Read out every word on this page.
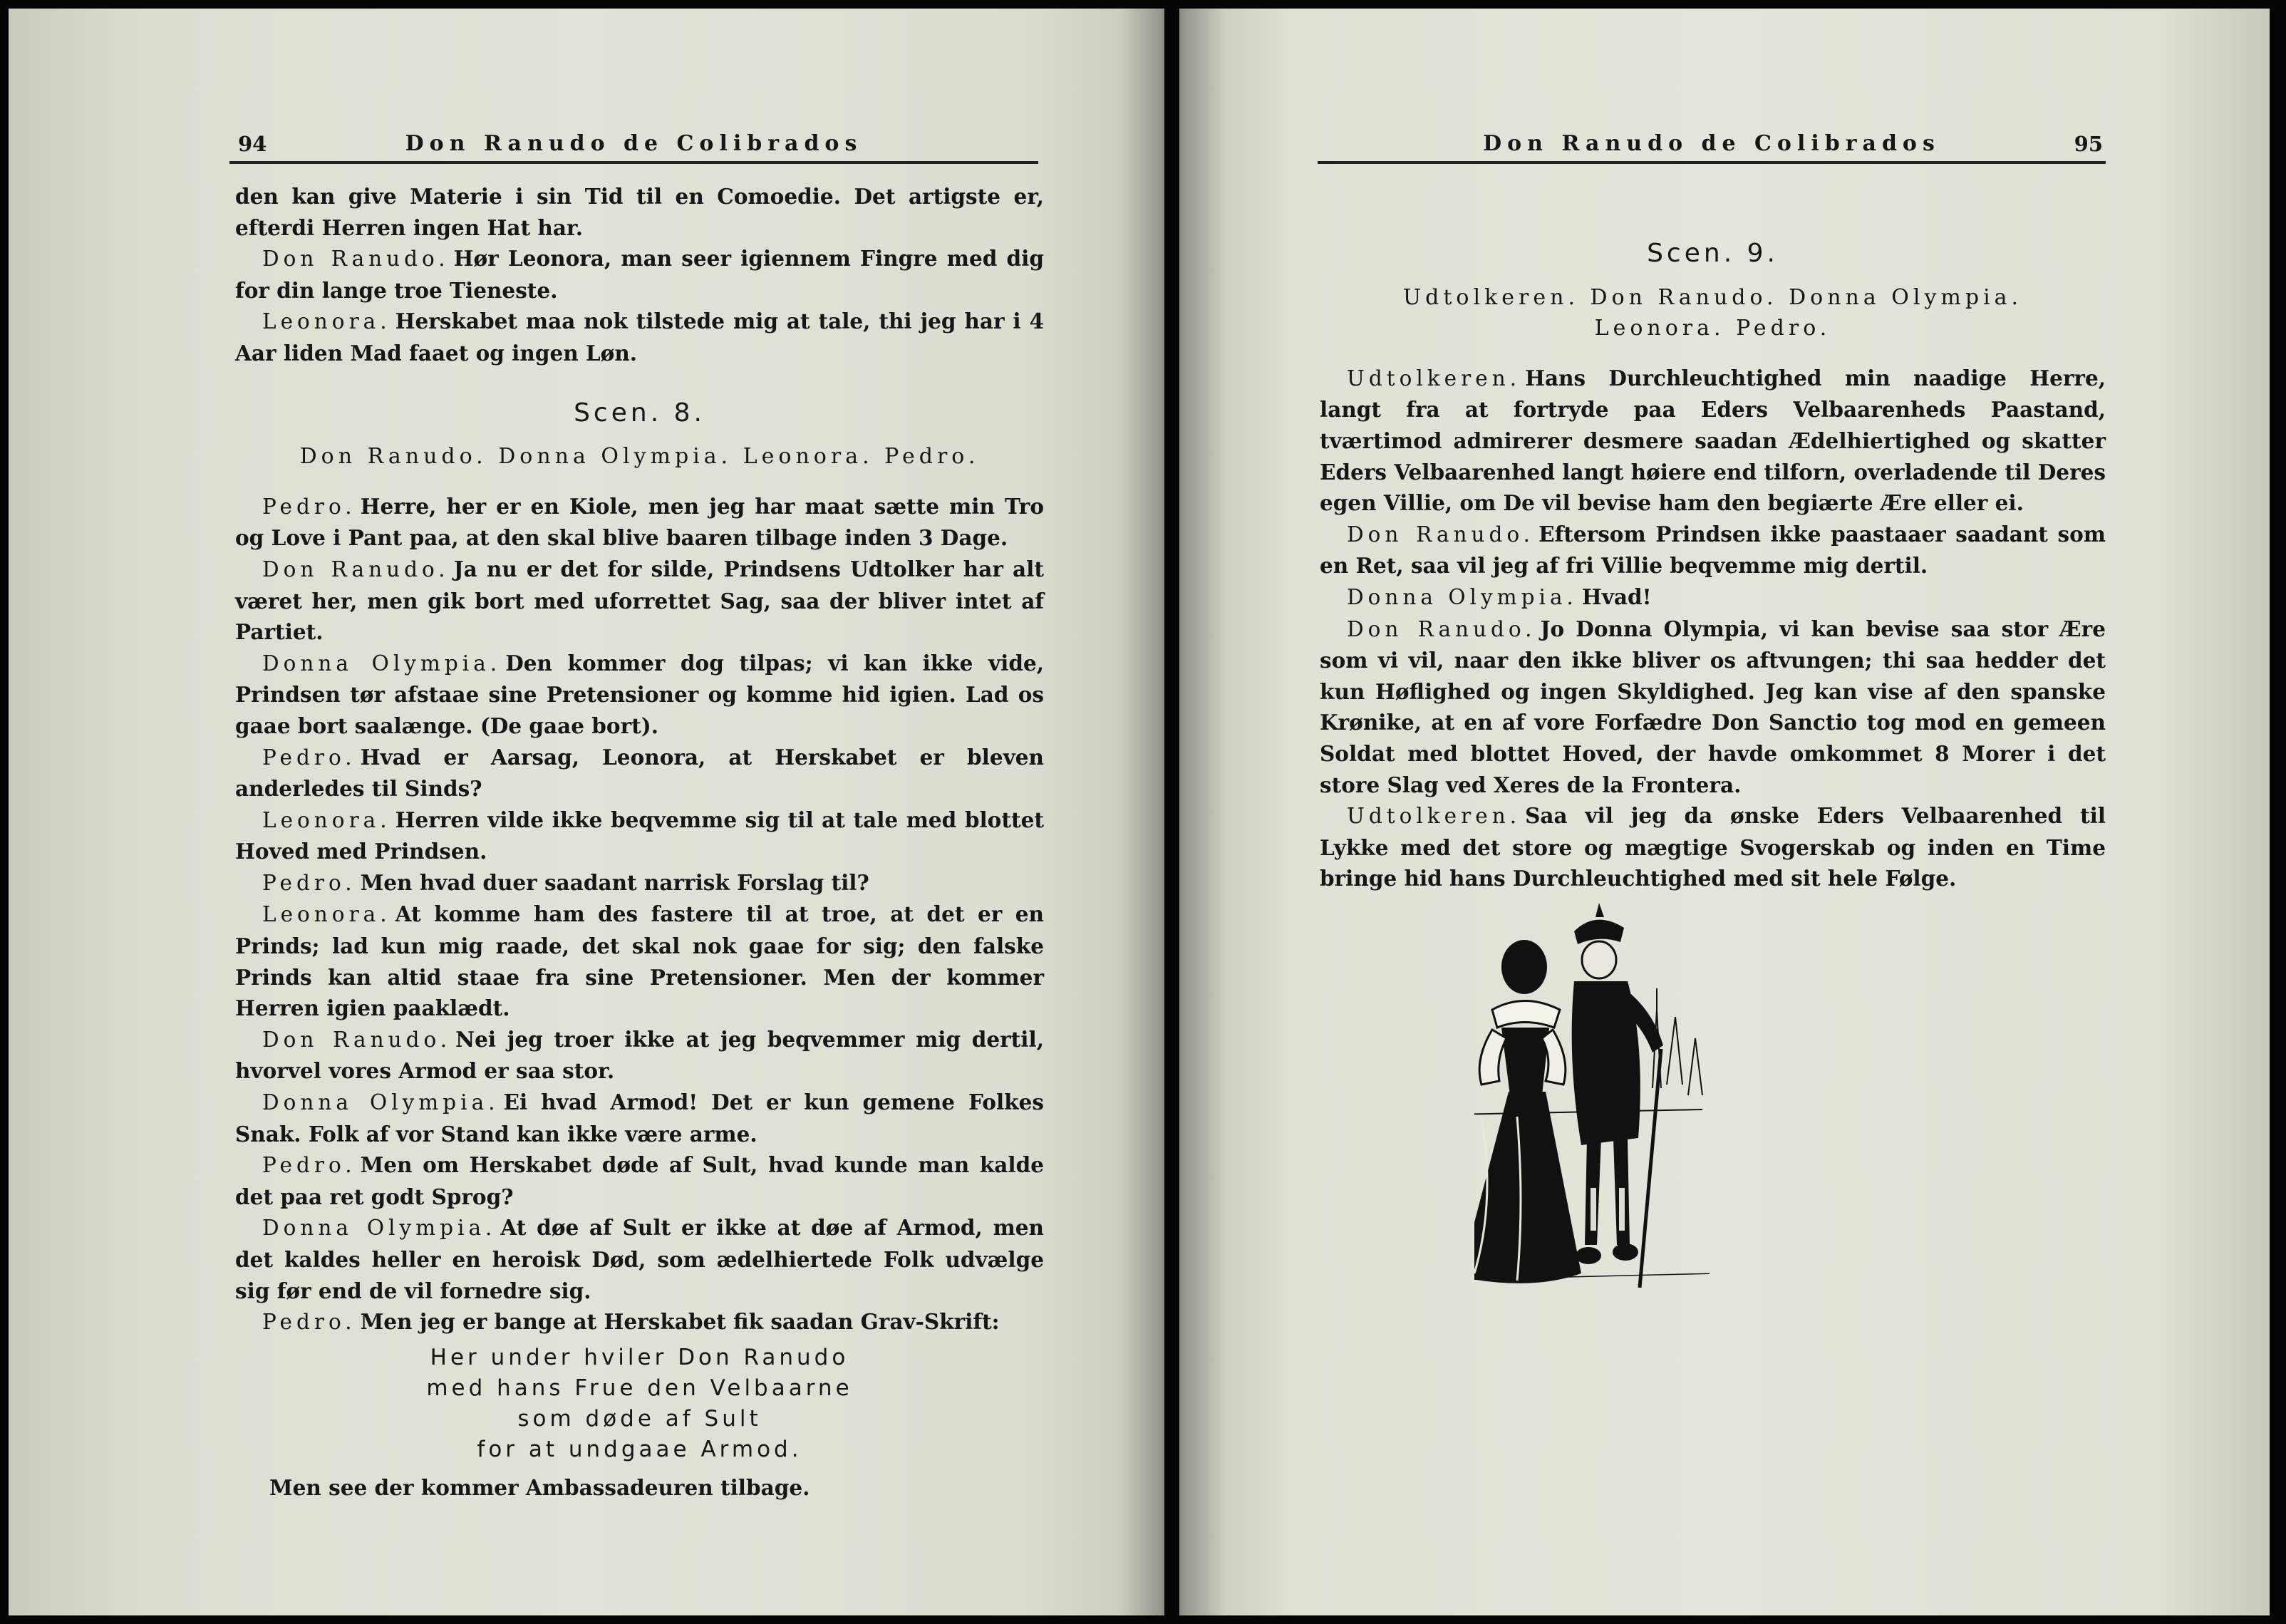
94	Don Ranudo de Colibrados

den kan give Materie i sin Tid til en Comoedie. Det artigste er, efterdi Herren ingen Hat har.

Don Ranudo. Hør Leonora, man seer igiennem Fingre med dig for din lange troe Tieneste.

Leonora. Herskabet maa nok tilstede mig at tale, thi jeg har i 4 Aar liden Mad faaet og ingen Løn.

Scen. 8.

Don Ranudo. Donna Olympia. Leonora. Pedro.

Pedro. Herre, her er en Kiole, men jeg har maat sætte min Tro og Love i Pant paa, at den skal blive baaren tilbage inden 3 Dage.

Don Ranudo. Ja nu er det for silde, Prindsens Udtolker har alt været her, men gik bort med uforrettet Sag, saa der bliver intet af Partiet.

Donna Olympia. Den kommer dog tilpas; vi kan ikke vide, Prindsen tør afstaae sine Pretensioner og komme hid igien. Lad os gaae bort saalænge. (De gaae bort).

Pedro. Hvad er Aarsag, Leonora, at Herskabet er bleven anderledes til Sinds?

Leonora. Herren vilde ikke beqvemme sig til at tale med blottet Hoved med Prindsen.

Pedro. Men hvad duer saadant narrisk Forslag til?

Leonora. At komme ham des fastere til at troe, at det er en Prinds; lad kun mig raade, det skal nok gaae for sig; den falske Prinds kan altid staae fra sine Pretensioner. Men der kommer Herren igien paaklædt.

Don Ranudo. Nei jeg troer ikke at jeg beqvemmer mig dertil, hvorvel vores Armod er saa stor.

Donna Olympia. Ei hvad Armod! Det er kun gemene Folkes Snak. Folk af vor Stand kan ikke være arme.

Pedro. Men om Herskabet døde af Sult, hvad kunde man kalde det paa ret godt Sprog?

Donna Olympia. At døe af Sult er ikke at døe af Armod, men det kaldes heller en heroisk Død, som ædelhiertede Folk udvælge sig før end de vil fornedre sig.

Pedro. Men jeg er bange at Herskabet fik saadan Grav-Skrift:

Her under hviler Don Ranudo

med hans Frue den Velbaarne

som døde af Sult

for at undgaae Armod.

Men see der kommer Ambassadeuren tilbage.

Don Ranudo de Colibrados	95
Scen. 9.

Udtolkeren. Don Ranudo. Donna Olympia.

Leonora. Pedro.

Udtolkeren. Hans Durchleuchtighed min naadige Herre, langt fra at fortryde paa Eders Velbaarenheds Paastand, tværtimod admirerer desmere saadan Ædelhiertighed og skatter Eders Velbaarenhed langt høiere end tilforn, overladende til Deres egen Villie, om De vil bevise ham den begiærte Ære eller ei.

Don Ranudo. Eftersom Prindsen ikke paastaaer saadant som en Ret, saa vil jeg af fri Villie beqvemme mig dertil.

Donna Olympia. Hvad!

Don Ranudo. Jo Donna Olympia, vi kan bevise saa stor Ære som vi vil, naar den ikke bliver os aftvungen; thi saa hedder det kun Høflighed og ingen Skyldighed. Jeg kan vise af den spanske Krønike, at en af vore Forfædre Don Sanctio tog mod en gemeen Soldat med blottet Hoved, der havde omkommet 8 Morer i det store Slag ved Xeres de la Frontera.

Udtolkeren. Saa vil jeg da ønske Eders Velbaarenhed til Lykke med det store og mægtige Svogerskab og inden en Time bringe hid hans Durchleuchtighed med sit hele Følge.
